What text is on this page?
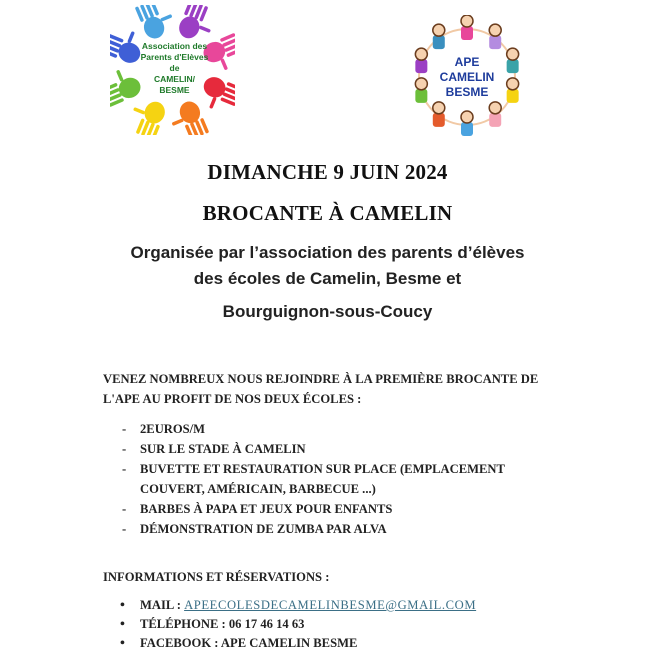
Association des
Parents d'Elèves
de
CAMELIN/
BESME
APE
CAMELIN
BESME
DIMANCHE 9 JUIN 2024
BROCANTE À CAMELIN
Organisée par l’association des parents d’élèves
des écoles de Camelin, Besme et
Bourguignon-sous-Coucy
VENEZ NOMBREUX NOUS REJOINDRE À LA PREMIÈRE BROCANTE DE
L'APE AU PROFIT DE NOS DEUX ÉCOLES :
- 2EUROS/M
- SUR LE STADE À CAMELIN
- BUVETTE ET RESTAURATION SUR PLACE (EMPLACEMENT
COUVERT, AMÉRICAIN, BARBECUE ...)
- BARBES À PAPA ET JEUX POUR ENFANTS
- DÉMONSTRATION DE ZUMBA PAR ALVA
INFORMATIONS ET RÉSERVATIONS :
• MAIL : APEECOLESDECAMELINBESME@GMAIL.COM
• TÉLÉPHONE : 06 17 46 14 63
• FACEBOOK : APE CAMELIN BESME
